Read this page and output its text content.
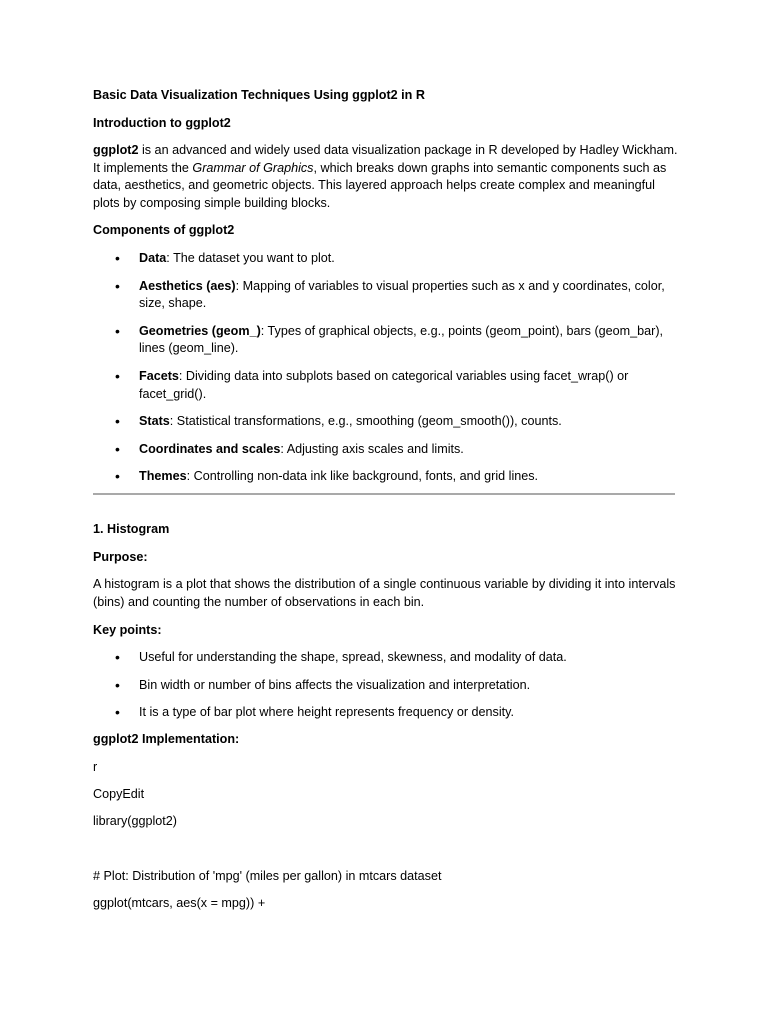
Basic Data Visualization Techniques Using ggplot2 in R

Introduction to ggplot2

ggplot2 is an advanced and widely used data visualization package in R developed by Hadley Wickham. It implements the Grammar of Graphics, which breaks down graphs into semantic components such as data, aesthetics, and geometric objects. This layered approach helps create complex and meaningful plots by composing simple building blocks.

Components of ggplot2

• Data: The dataset you want to plot.
• Aesthetics (aes): Mapping of variables to visual properties such as x and y coordinates, color, size, shape.
• Geometries (geom_): Types of graphical objects, e.g., points (geom_point), bars (geom_bar), lines (geom_line).
• Facets: Dividing data into subplots based on categorical variables using facet_wrap() or facet_grid().
• Stats: Statistical transformations, e.g., smoothing (geom_smooth()), counts.
• Coordinates and scales: Adjusting axis scales and limits.
• Themes: Controlling non-data ink like background, fonts, and grid lines.

1. Histogram

Purpose:

A histogram is a plot that shows the distribution of a single continuous variable by dividing it into intervals (bins) and counting the number of observations in each bin.

Key points:

• Useful for understanding the shape, spread, skewness, and modality of data.
• Bin width or number of bins affects the visualization and interpretation.
• It is a type of bar plot where height represents frequency or density.

ggplot2 Implementation:

r

CopyEdit

library(ggplot2)

# Plot: Distribution of 'mpg' (miles per gallon) in mtcars dataset

ggplot(mtcars, aes(x = mpg)) +
